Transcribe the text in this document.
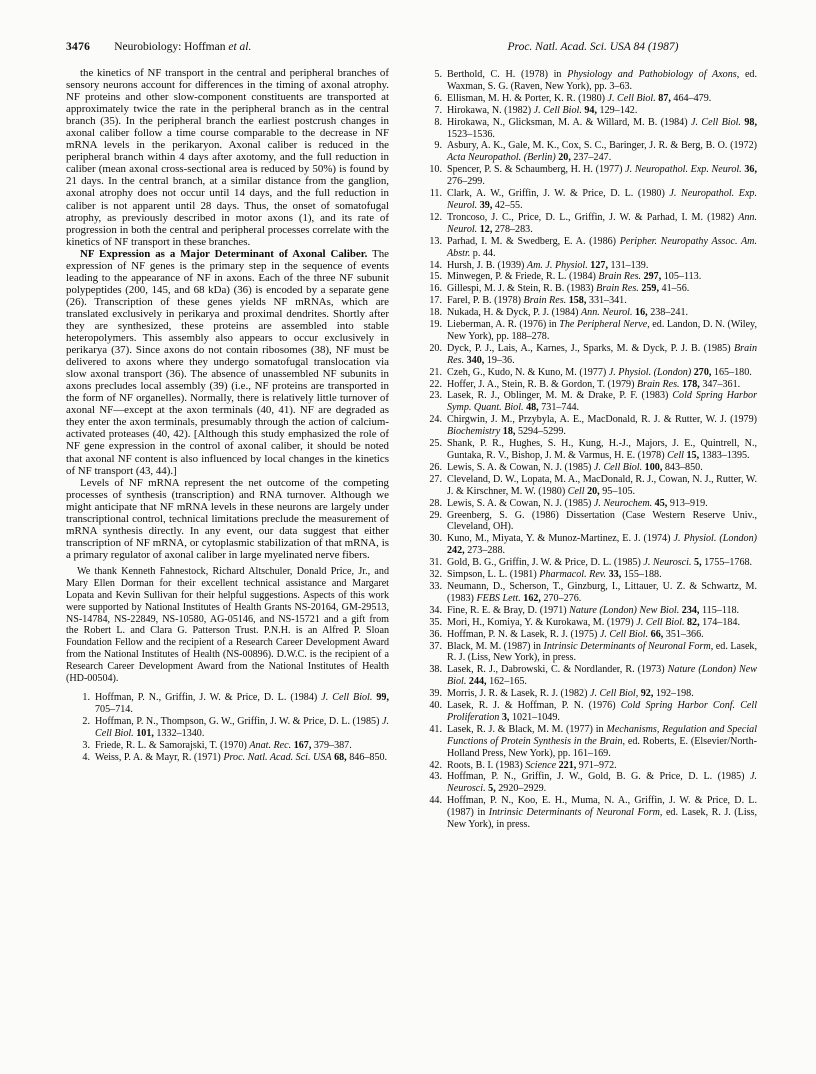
3476 Neurobiology: Hoffman et al.	Proc. Natl. Acad. Sci. USA 84 (1987)

the kinetics of NF transport in the central and peripheral branches of sensory neurons account for differences in the timing of axonal atrophy. NF proteins and other slow-component constituents are transported at approximately twice the rate in the peripheral branch as in the central branch (35). In the peripheral branch the earliest postcrush changes in axonal caliber follow a time course comparable to the decrease in NF mRNA levels in the perikaryon. Axonal caliber is reduced in the peripheral branch within 4 days after axotomy, and the full reduction in caliber (mean axonal cross-sectional area is reduced by 50%) is found by 21 days. In the central branch, at a similar distance from the ganglion, axonal atrophy does not occur until 14 days, and the full reduction in caliber is not apparent until 28 days. Thus, the onset of somatofugal atrophy, as previously described in motor axons (1), and its rate of progression in both the central and peripheral processes correlate with the kinetics of NF transport in these branches.

NF Expression as a Major Determinant of Axonal Caliber. The expression of NF genes is the primary step in the sequence of events leading to the appearance of NF in axons. Each of the three NF subunit polypeptides (200, 145, and 68 kDa) (36) is encoded by a separate gene (26). Transcription of these genes yields NF mRNAs, which are translated exclusively in perikarya and proximal dendrites. Shortly after they are synthesized, these proteins are assembled into stable heteropolymers. This assembly also appears to occur exclusively in perikarya (37). Since axons do not contain ribosomes (38), NF must be delivered to axons where they undergo somatofugal translocation via slow axonal transport (36). The absence of unassembled NF subunits in axons precludes local assembly (39) (i.e., NF proteins are transported in the form of NF organelles). Normally, there is relatively little turnover of axonal NF—except at the axon terminals (40, 41). NF are degraded as they enter the axon terminals, presumably through the action of calcium-activated proteases (40, 42). [Although this study emphasized the role of NF gene expression in the control of axonal caliber, it should be noted that axonal NF content is also influenced by local changes in the kinetics of NF transport (43, 44).]

Levels of NF mRNA represent the net outcome of the competing processes of synthesis (transcription) and RNA turnover. Although we might anticipate that NF mRNA levels in these neurons are largely under transcriptional control, technical limitations preclude the measurement of mRNA synthesis directly. In any event, our data suggest that either transcription of NF mRNA, or cytoplasmic stabilization of that mRNA, is a primary regulator of axonal caliber in large myelinated nerve fibers.

We thank Kenneth Fahnestock, Richard Altschuler, Donald Price, Jr., and Mary Ellen Dorman for their excellent technical assistance and Margaret Lopata and Kevin Sullivan for their helpful suggestions. Aspects of this work were supported by National Institutes of Health Grants NS-20164, GM-29513, NS-14784, NS-22849, NS-10580, AG-05146, and NS-15721 and a gift from the Robert L. and Clara G. Patterson Trust. P.N.H. is an Alfred P. Sloan Foundation Fellow and the recipient of a Research Career Development Award from the National Institutes of Health (NS-00896). D.W.C. is the recipient of a Research Career Development Award from the National Institutes of Health (HD-00504).

1. Hoffman, P. N., Griffin, J. W. & Price, D. L. (1984) J. Cell Biol. 99, 705–714.
2. Hoffman, P. N., Thompson, G. W., Griffin, J. W. & Price, D. L. (1985) J. Cell Biol. 101, 1332–1340.
3. Friede, R. L. & Samorajski, T. (1970) Anat. Rec. 167, 379–387.
4. Weiss, P. A. & Mayr, R. (1971) Proc. Natl. Acad. Sci. USA 68, 846–850.
5. Berthold, C. H. (1978) in Physiology and Pathobiology of Axons, ed. Waxman, S. G. (Raven, New York), pp. 3–63.
6. Ellisman, M. H. & Porter, K. R. (1980) J. Cell Biol. 87, 464–479.
7. Hirokawa, N. (1982) J. Cell Biol. 94, 129–142.
8. Hirokawa, N., Glicksman, M. A. & Willard, M. B. (1984) J. Cell Biol. 98, 1523–1536.
9. Asbury, A. K., Gale, M. K., Cox, S. C., Baringer, J. R. & Berg, B. O. (1972) Acta Neuropathol. (Berlin) 20, 237–247.
10. Spencer, P. S. & Schaumberg, H. H. (1977) J. Neuropathol. Exp. Neurol. 36, 276–299.
11. Clark, A. W., Griffin, J. W. & Price, D. L. (1980) J. Neuropathol. Exp. Neurol. 39, 42–55.
12. Troncoso, J. C., Price, D. L., Griffin, J. W. & Parhad, I. M. (1982) Ann. Neurol. 12, 278–283.
13. Parhad, I. M. & Swedberg, E. A. (1986) Peripher. Neuropathy Assoc. Am. Abstr. p. 44.
14. Hursh, J. B. (1939) Am. J. Physiol. 127, 131–139.
15. Minwegen, P. & Friede, R. L. (1984) Brain Res. 297, 105–113.
16. Gillespi, M. J. & Stein, R. B. (1983) Brain Res. 259, 41–56.
17. Farel, P. B. (1978) Brain Res. 158, 331–341.
18. Nukada, H. & Dyck, P. J. (1984) Ann. Neurol. 16, 238–241.
19. Lieberman, A. R. (1976) in The Peripheral Nerve, ed. Landon, D. N. (Wiley, New York), pp. 188–278.
20. Dyck, P. J., Lais, A., Karnes, J., Sparks, M. & Dyck, P. J. B. (1985) Brain Res. 340, 19–36.
21. Czeh, G., Kudo, N. & Kuno, M. (1977) J. Physiol. (London) 270, 165–180.
22. Hoffer, J. A., Stein, R. B. & Gordon, T. (1979) Brain Res. 178, 347–361.
23. Lasek, R. J., Oblinger, M. M. & Drake, P. F. (1983) Cold Spring Harbor Symp. Quant. Biol. 48, 731–744.
24. Chirgwin, J. M., Przybyla, A. E., MacDonald, R. J. & Rutter, W. J. (1979) Biochemistry 18, 5294–5299.
25. Shank, P. R., Hughes, S. H., Kung, H.-J., Majors, J. E., Quintrell, N., Guntaka, R. V., Bishop, J. M. & Varmus, H. E. (1978) Cell 15, 1383–1395.
26. Lewis, S. A. & Cowan, N. J. (1985) J. Cell Biol. 100, 843–850.
27. Cleveland, D. W., Lopata, M. A., MacDonald, R. J., Cowan, N. J., Rutter, W. J. & Kirschner, M. W. (1980) Cell 20, 95–105.
28. Lewis, S. A. & Cowan, N. J. (1985) J. Neurochem. 45, 913–919.
29. Greenberg, S. G. (1986) Dissertation (Case Western Reserve Univ., Cleveland, OH).
30. Kuno, M., Miyata, Y. & Munoz-Martinez, E. J. (1974) J. Physiol. (London) 242, 273–288.
31. Gold, B. G., Griffin, J. W. & Price, D. L. (1985) J. Neurosci. 5, 1755–1768.
32. Simpson, L. L. (1981) Pharmacol. Rev. 33, 155–188.
33. Neumann, D., Scherson, T., Ginzburg, I., Littauer, U. Z. & Schwartz, M. (1983) FEBS Lett. 162, 270–276.
34. Fine, R. E. & Bray, D. (1971) Nature (London) New Biol. 234, 115–118.
35. Mori, H., Komiya, Y. & Kurokawa, M. (1979) J. Cell Biol. 82, 174–184.
36. Hoffman, P. N. & Lasek, R. J. (1975) J. Cell Biol. 66, 351–366.
37. Black, M. M. (1987) in Intrinsic Determinants of Neuronal Form, ed. Lasek, R. J. (Liss, New York), in press.
38. Lasek, R. J., Dabrowski, C. & Nordlander, R. (1973) Nature (London) New Biol. 244, 162–165.
39. Morris, J. R. & Lasek, R. J. (1982) J. Cell Biol, 92, 192–198.
40. Lasek, R. J. & Hoffman, P. N. (1976) Cold Spring Harbor Conf. Cell Proliferation 3, 1021–1049.
41. Lasek, R. J. & Black, M. M. (1977) in Mechanisms, Regulation and Special Functions of Protein Synthesis in the Brain, ed. Roberts, E. (Elsevier/North-Holland Press, New York), pp. 161–169.
42. Roots, B. I. (1983) Science 221, 971–972.
43. Hoffman, P. N., Griffin, J. W., Gold, B. G. & Price, D. L. (1985) J. Neurosci. 5, 2920–2929.
44. Hoffman, P. N., Koo, E. H., Muma, N. A., Griffin, J. W. & Price, D. L. (1987) in Intrinsic Determinants of Neuronal Form, ed. Lasek, R. J. (Liss, New York), in press.
